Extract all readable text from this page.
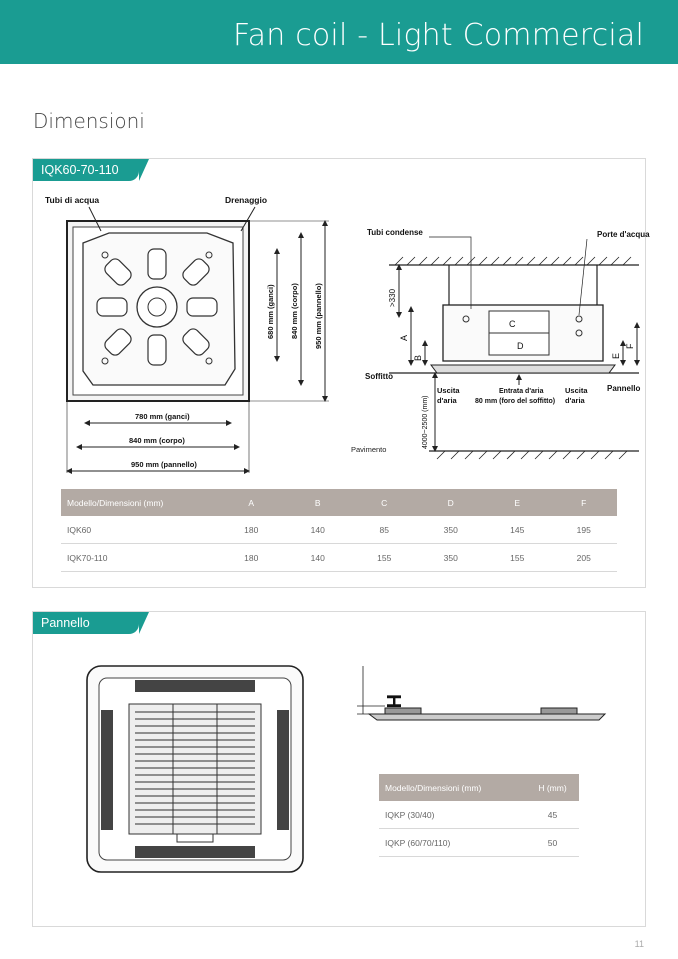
Fan coil - Light Commercial
Dimensioni
IQK60-70-110
Tubi di acqua	Drenaggio
680 mm (ganci) 840 mm (corpo) 950 mm (pannello)
780 mm (ganci)
840 mm (corpo)
950 mm (pannello)
C
D
>330
A
B	E
F
Tubi condense	Porte d'acqua
Soffitto
Uscita
d'aria
Entrata d'aria
80 mm (foro del soffitto)
Uscita
d'aria
Pannello
4000~2500 (mm)
Pavimento
Modello/Dimensioni (mm)	A	B	C	D	E	F
IQK60	180	140	85	350	145	195
IQK70-110	180	140	155	350	155	205
Pannello
H
Modello/Dimensioni (mm)	H (mm)
IQKP (30/40)	45
IQKP (60/70/110)	50
11
